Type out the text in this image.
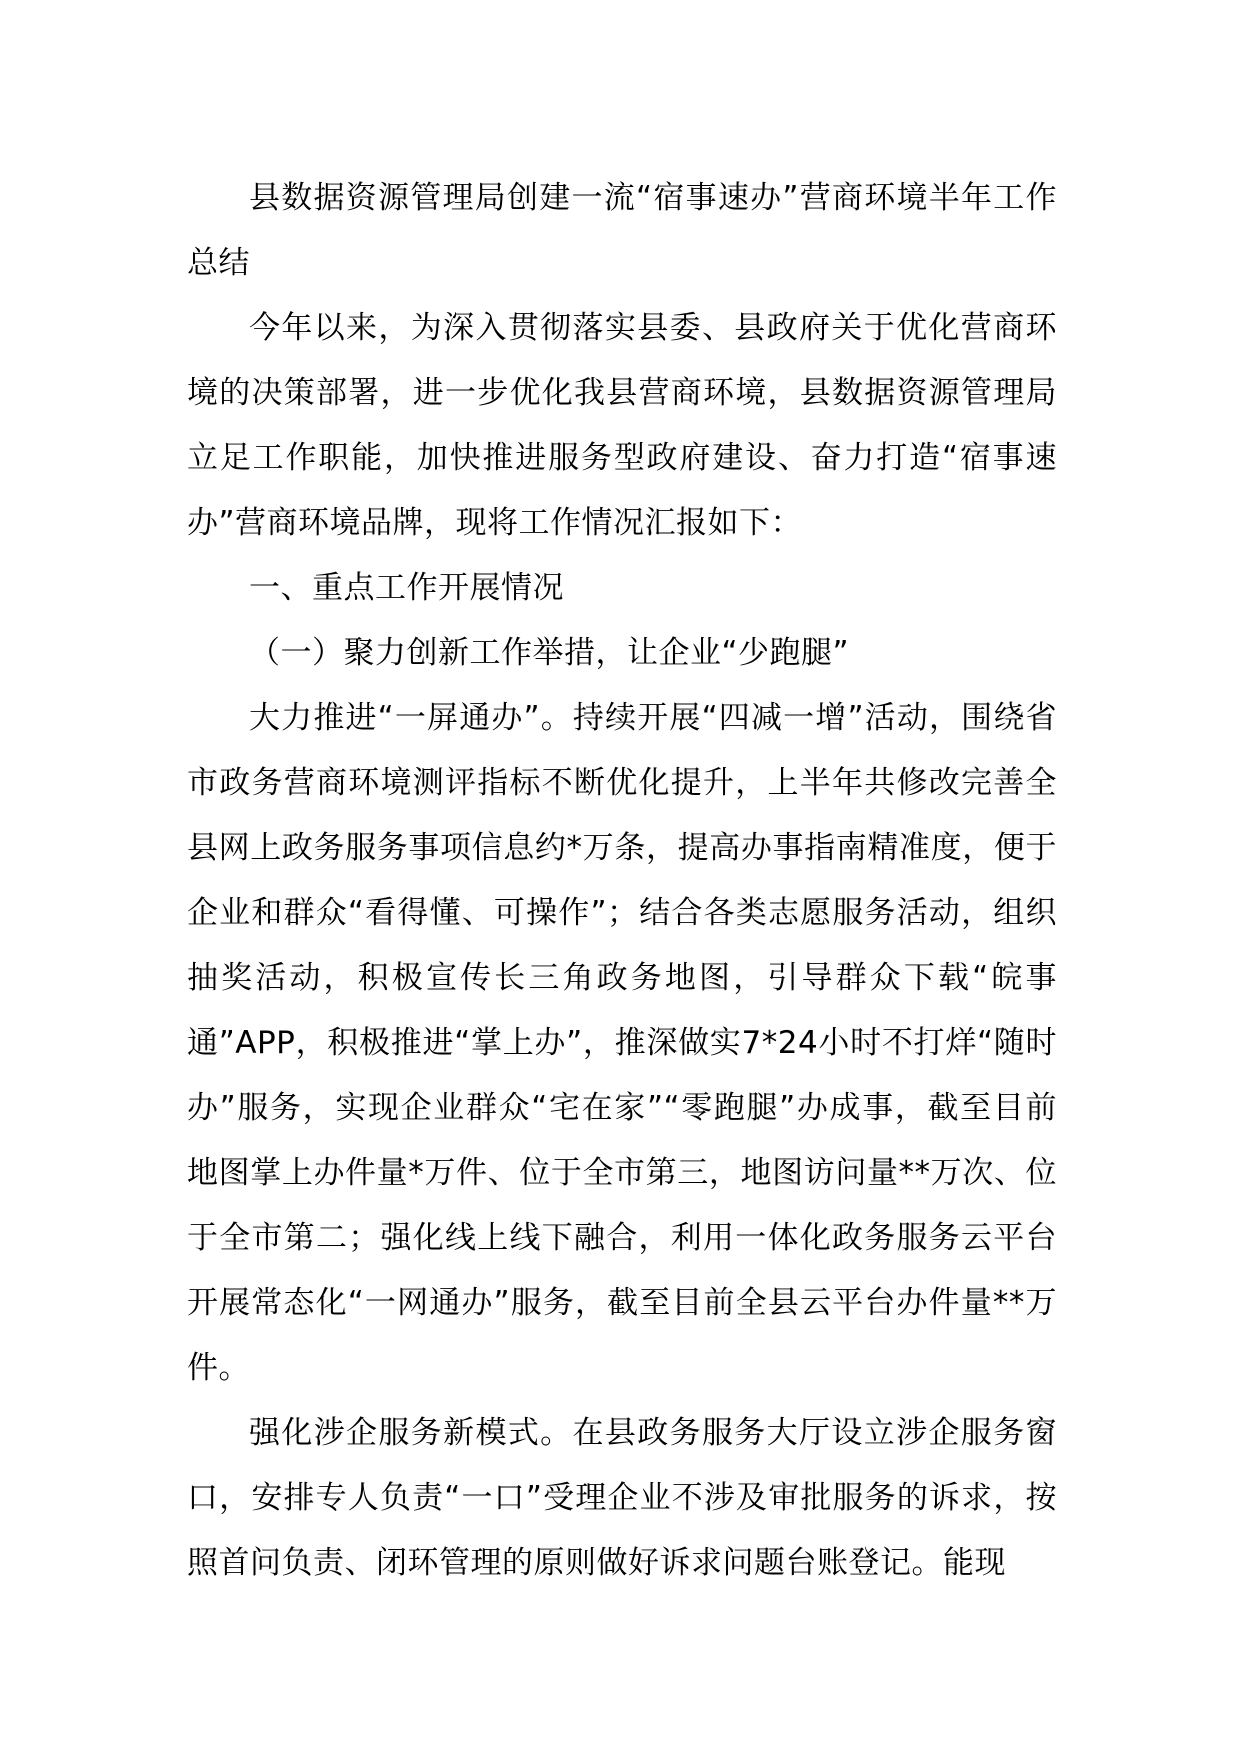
县数据资源管理局创建一流“宿事速办”营商环境半年工作总结

今年以来，为深入贯彻落实县委、县政府关于优化营商环境的决策部署，进一步优化我县营商环境，县数据资源管理局立足工作职能，加快推进服务型政府建设、奋力打造“宿事速办”营商环境品牌，现将工作情况汇报如下：

一、重点工作开展情况

（一）聚力创新工作举措，让企业“少跑腿”

大力推进“一屏通办”。持续开展“四减一增”活动，围绕省市政务营商环境测评指标不断优化提升，上半年共修改完善全县网上政务服务事项信息约*万条，提高办事指南精准度，便于企业和群众“看得懂、可操作”；结合各类志愿服务活动，组织抽奖活动，积极宣传长三角政务地图，引导群众下载“皖事通”APP，积极推进“掌上办”，推深做实7*24小时不打烊“随时办”服务，实现企业群众“宅在家”“零跑腿”办成事，截至目前地图掌上办件量*万件、位于全市第三，地图访问量**万次、位于全市第二；强化线上线下融合，利用一体化政务服务云平台开展常态化“一网通办”服务，截至目前全县云平台办件量**万件。

强化涉企服务新模式。在县政务服务大厅设立涉企服务窗口，安排专人负责“一口”受理企业不涉及审批服务的诉求，按照首问负责、闭环管理的原则做好诉求问题台账登记。能现
